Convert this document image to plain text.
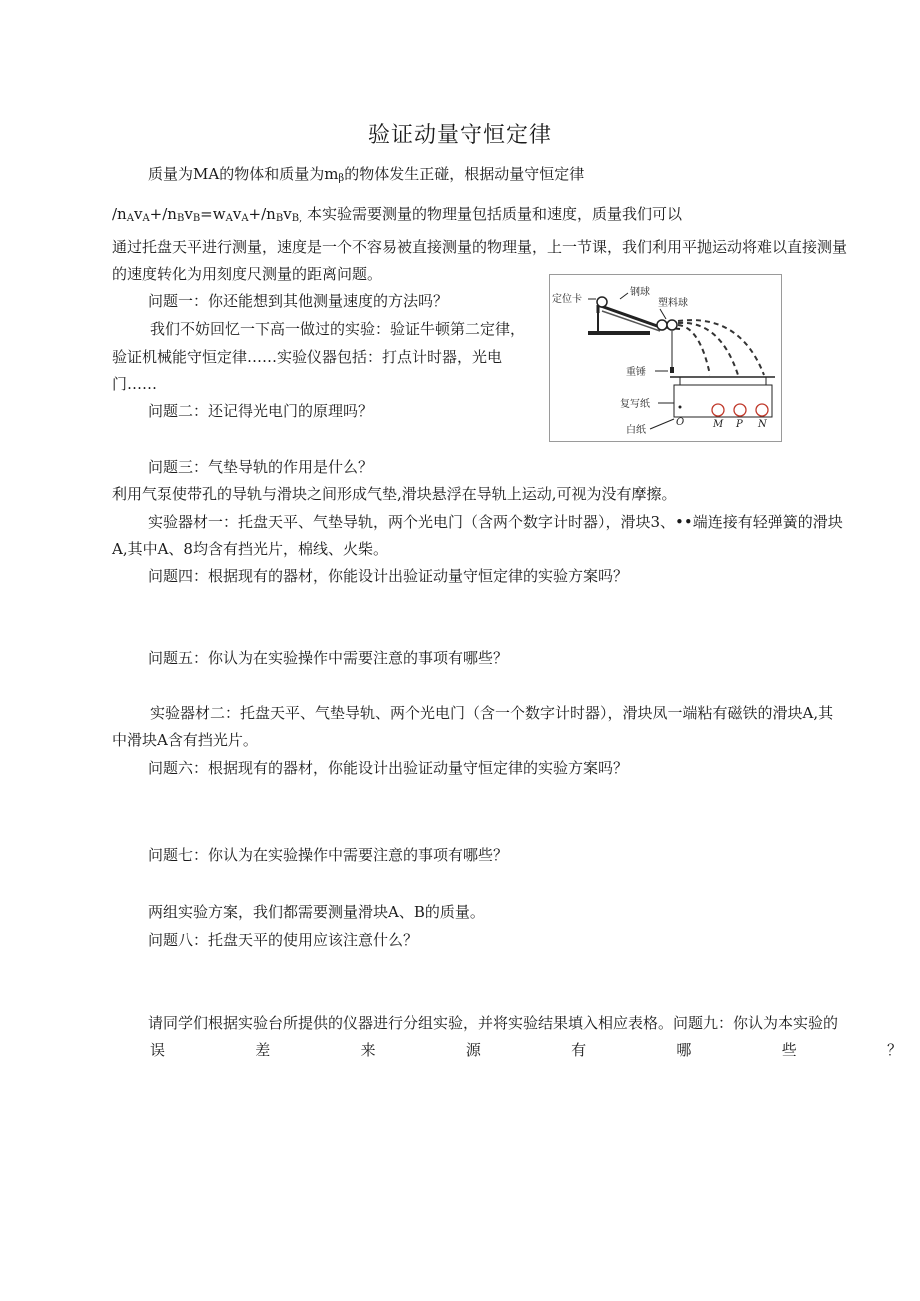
验证动量守恒定律
质量为MA的物体和质量为$m_\beta$的物体发生正碰，根据动量守恒定律
$/n_Av_A+/n_Bv_B=w_Av_A+/n_Bv_{B,}$ 本实验需要测量的物理量包括质量和速度，质量我们可以
通过托盘天平进行测量，速度是一个不容易被直接测量的物理量，上一节课，我们利用平抛运动将难以直接测量
的速度转化为用刻度尺测量的距离问题。
问题一：你还能想到其他测量速度的方法吗？
我们不妨回忆一下高一做过的实验：验证牛顿第二定律，
验证机械能守恒定律……实验仪器包括：打点计时器，光电
门……
问题二：还记得光电门的原理吗？
定位卡
钢球
塑料球
重锤
复写纸
白纸
O	M P N
问题三：气垫导轨的作用是什么？
利用气泵使带孔的导轨与滑块之间形成气垫,滑块悬浮在导轨上运动,可视为没有摩擦。
实验器材一：托盘天平、气垫导轨，两个光电门（含两个数字计时器），滑块3、••端连接有轻弹簧的滑块
A,其中A、8均含有挡光片，棉线、火柴。
问题四：根据现有的器材，你能设计出验证动量守恒定律的实验方案吗？
问题五：你认为在实验操作中需要注意的事项有哪些？
实验器材二：托盘天平、气垫导轨、两个光电门（含一个数字计时器），滑块凤一端粘有磁铁的滑块A,其
中滑块A含有挡光片。
问题六：根据现有的器材，你能设计出验证动量守恒定律的实验方案吗？
问题七：你认为在实验操作中需要注意的事项有哪些？
两组实验方案，我们都需要测量滑块A、B的质量。
问题八：托盘天平的使用应该注意什么？
请同学们根据实验台所提供的仪器进行分组实验，并将实验结果填入相应表格。问题九：你认为本实验的
误	差	来	源	有	哪	些	？
